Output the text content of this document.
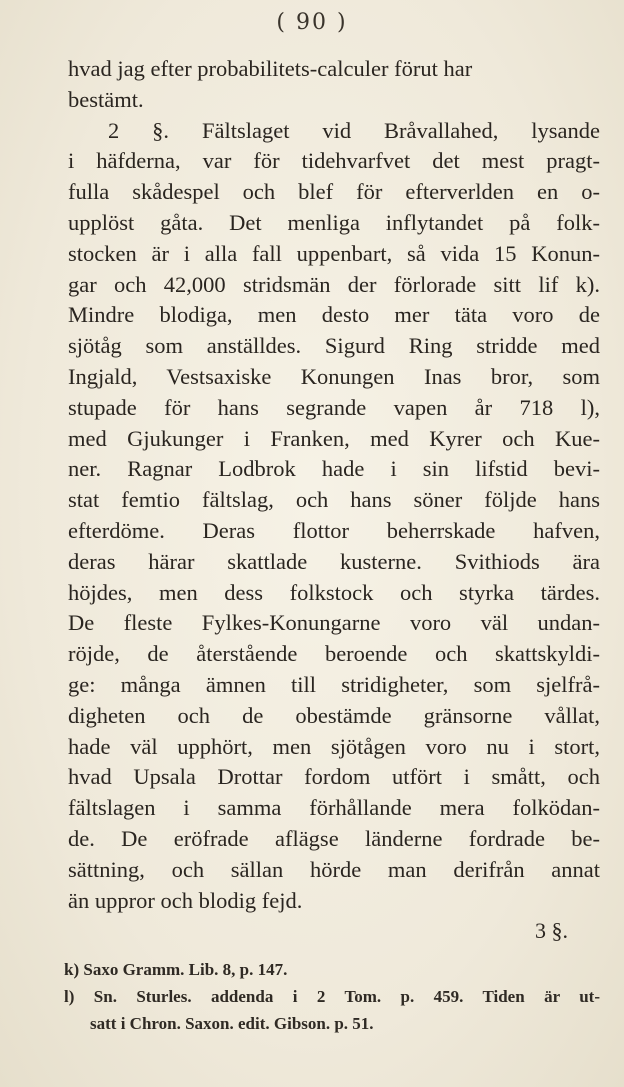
( 90 )
hvad jag efter probabilitets-calculer förut har
bestämt.
2 §. Fältslaget vid Bråvallahed, lysande
i häfderna, var för tidehvarfvet det mest pragt-
fulla skådespel och blef för efterverlden en o-
upplöst gåta. Det menliga inflytandet på folk-
stocken är i alla fall uppenbart, så vida 15 Konun-
gar och 42,000 stridsmän der förlorade sitt lif k).
Mindre blodiga, men desto mer täta voro de
sjötåg som anställdes. Sigurd Ring stridde med
Ingjald, Vestsaxiske Konungen Inas bror, som
stupade för hans segrande vapen år 718 l),
med Gjukunger i Franken, med Kyrer och Kue-
ner. Ragnar Lodbrok hade i sin lifstid bevi-
stat femtio fältslag, och hans söner följde hans
efterdöme. Deras flottor beherrskade hafven,
deras härar skattlade kusterne. Svithiods ära
höjdes, men dess folkstock och styrka tärdes.
De fleste Fylkes-Konungarne voro väl undan-
röjde, de återstående beroende och skattskyldi-
ge: många ämnen till stridigheter, som sjelfrå-
digheten och de obestämde gränsorne vållat,
hade väl upphört, men sjötågen voro nu i stort,
hvad Upsala Drottar fordom utfört i smått, och
fältslagen i samma förhållande mera folködan-
de. De eröfrade aflägse länderne fordrade be-
sättning, och sällan hörde man derifrån annat
än uppror och blodig fejd.
3 §.
k) Saxo Gramm. Lib. 8, p. 147.
l) Sn. Sturles. addenda i 2 Tom. p. 459. Tiden är ut-
satt i Chron. Saxon. edit. Gibson. p. 51.
